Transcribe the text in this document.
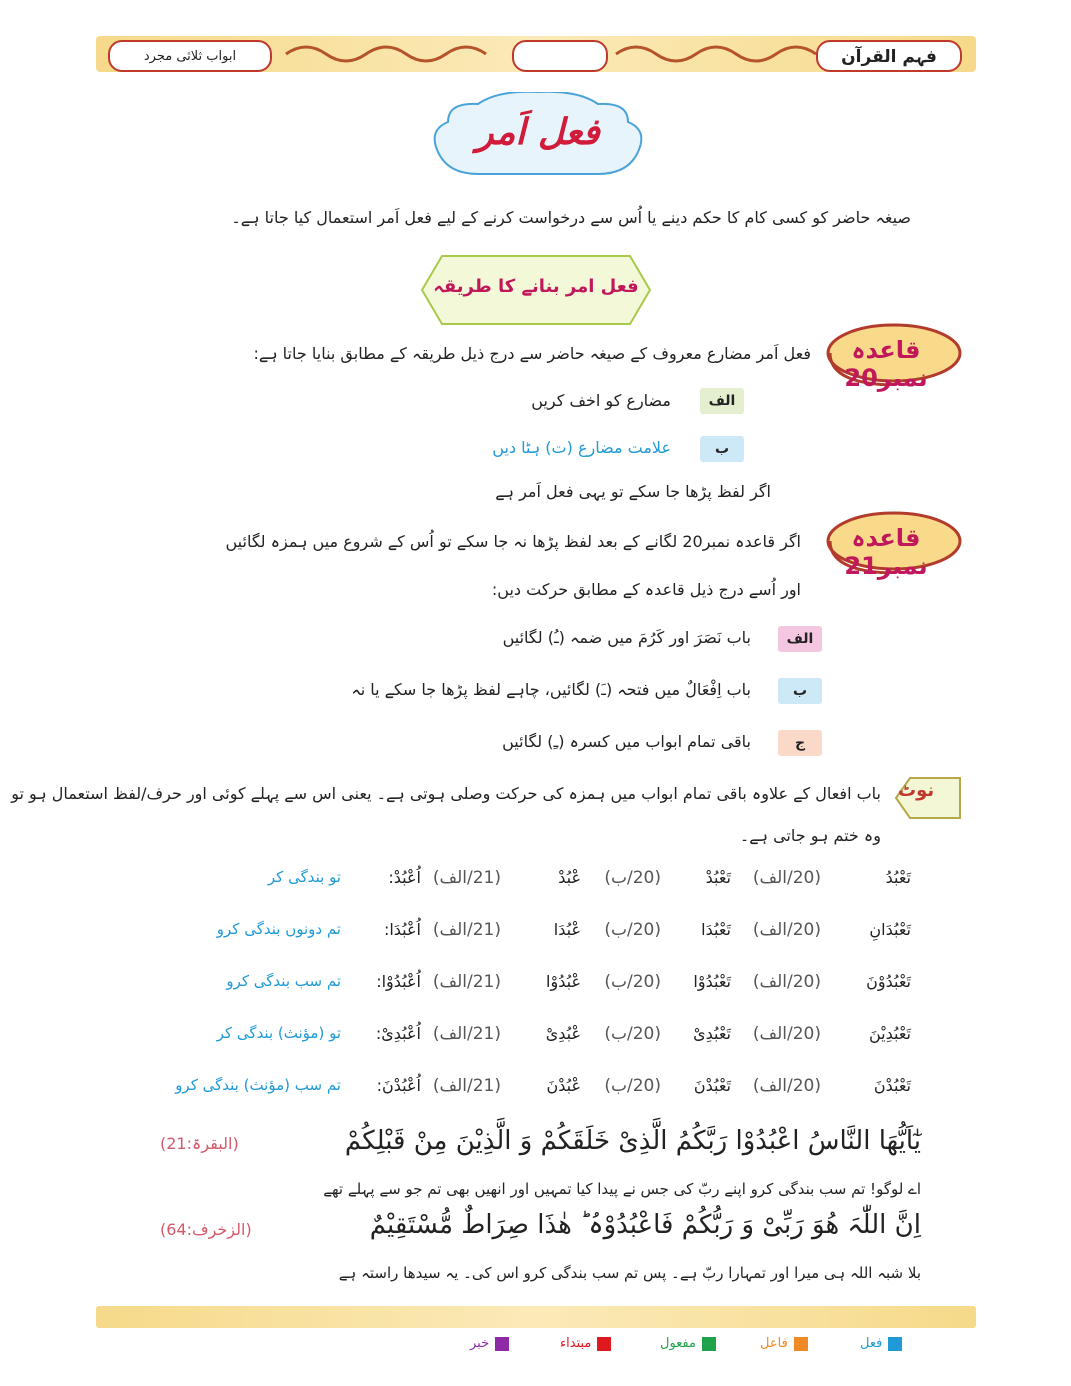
ابواب ثلاثی مجرد	فہم القرآن
فعل اَمر
صیغہ حاضر کو کسی کام کا حکم دینے یا اُس سے درخواست کرنے کے لیے فعل اَمر استعمال کیا جاتا ہے۔
فعل امر بنانے کا طریقہ
قاعدہ نمبر20
فعل اَمر مضارع معروف کے صیغہ حاضر سے درج ذیل طریقہ کے مطابق بنایا جاتا ہے:
الف
مضارع کو اخف کریں
ب
علامت مضارع (ت) ہٹا دیں
اگر لفظ پڑھا جا سکے تو یہی فعل اَمر ہے
قاعدہ نمبر21
اگر قاعدہ نمبر20 لگانے کے بعد لفظ پڑھا نہ جا سکے تو اُس کے شروع میں ہمزہ لگائیں
اور اُسے درج ذیل قاعدہ کے مطابق حرکت دیں:
الف
باب نَصَرَ اور کَرُمَ میں ضمہ (ـُ) لگائیں
ب
باب اِفْعَالٌ میں فتحہ (ـَ) لگائیں، چاہے لفظ پڑھا جا سکے یا نہ
ج
باقی تمام ابواب میں کسرہ (ـِ) لگائیں
نوٹ
باب افعال کے علاوہ باقی تمام ابواب میں ہمزہ کی حرکت وصلی ہوتی ہے۔ یعنی اس سے پہلے کوئی اور حرف/لفظ استعمال ہو تو
وہ ختم ہو جاتی ہے۔
تَعْبُدُ
(20/الف)
تَعْبُدْ
(20/ب)
عْبُدْ
(21/الف)
اُعْبُدْ:
تو بندگی کر
تَعْبُدَانِ
(20/الف)
تَعْبُدَا
(20/ب)
عْبُدَا
(21/الف)
اُعْبُدَا:
تم دونوں بندگی کرو
تَعْبُدُوْنَ
(20/الف)
تَعْبُدُوْا
(20/ب)
عْبُدُوْا
(21/الف)
اُعْبُدُوْا:
تم سب بندگی کرو
تَعْبُدِیْنَ
(20/الف)
تَعْبُدِیْ
(20/ب)
عْبُدِیْ
(21/الف)
اُعْبُدِیْ:
تو (مؤنث) بندگی کر
تَعْبُدْنَ
(20/الف)
تَعْبُدْنَ
(20/ب)
عْبُدْنَ
(21/الف)
اُعْبُدْنَ:
تم سب (مؤنث) بندگی کرو
یٰٓاَیُّھَا النَّاسُ اعْبُدُوْا رَبَّکُمُ الَّذِیْ خَلَقَکُمْ وَ الَّذِیْنَ مِنْ قَبْلِکُمْ
(البقرۃ:21)
اے لوگو! تم سب بندگی کرو اپنے ربّ کی جس نے پیدا کیا تمہیں اور انھیں بھی تم جو سے پہلے تھے
اِنَّ اللّٰہَ ھُوَ رَبِّیْ وَ رَبُّکُمْ فَاعْبُدُوْہُ ؕ ھٰذَا صِرَاطٌ مُّسْتَقِیْمٌ
(الزخرف:64)
بلا شبہ اللہ ہی میرا اور تمہارا ربّ ہے۔ پس تم سب بندگی کرو اس کی۔ یہ سیدھا راستہ ہے
فعل
فاعل
مفعول
مبتداء
خبر
